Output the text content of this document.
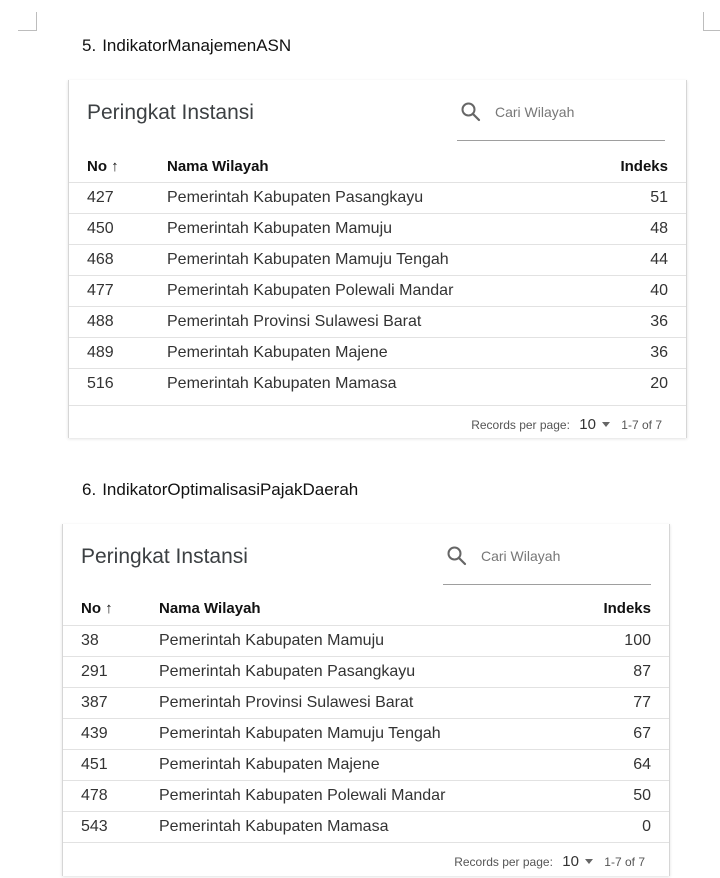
5. IndikatorManajemenASN
Peringkat Instansi	Cari Wilayah
No ↑	Nama Wilayah	Indeks
427	Pemerintah Kabupaten Pasangkayu	51
450	Pemerintah Kabupaten Mamuju	48
468	Pemerintah Kabupaten Mamuju Tengah	44
477	Pemerintah Kabupaten Polewali Mandar	40
488	Pemerintah Provinsi Sulawesi Barat	36
489	Pemerintah Kabupaten Majene	36
516	Pemerintah Kabupaten Mamasa	20
Records per page: 10 1-7 of 7
6. IndikatorOptimalisasiPajakDaerah
Peringkat Instansi	Cari Wilayah
No ↑	Nama Wilayah	Indeks
38	Pemerintah Kabupaten Mamuju	100
291	Pemerintah Kabupaten Pasangkayu	87
387	Pemerintah Provinsi Sulawesi Barat	77
439	Pemerintah Kabupaten Mamuju Tengah	67
451	Pemerintah Kabupaten Majene	64
478	Pemerintah Kabupaten Polewali Mandar	50
543	Pemerintah Kabupaten Mamasa	0
Records per page: 10 1-7 of 7
